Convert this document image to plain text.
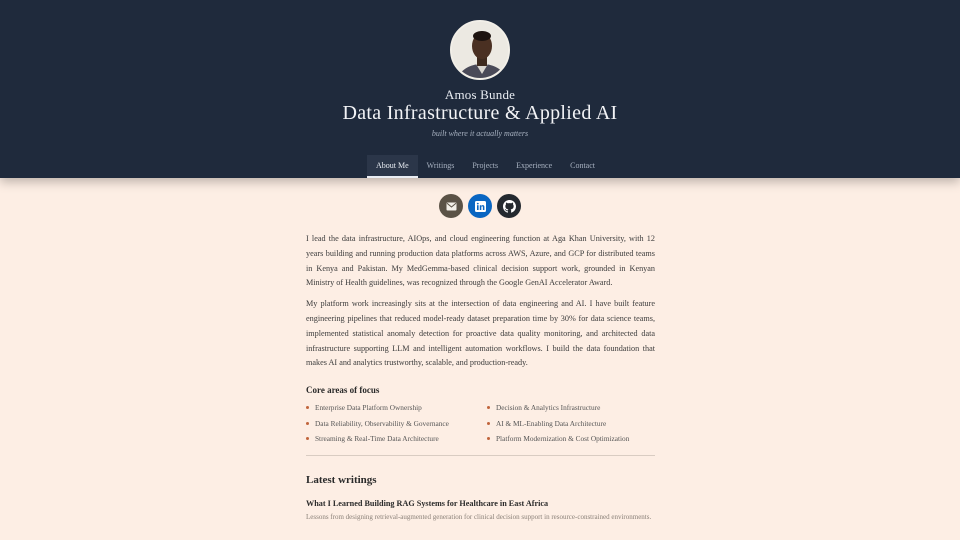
Amos Bunde
Data Infrastructure & Applied AI
built where it actually matters
About Me	Writings	Projects	Experience	Contact

I lead the data infrastructure, AIOps, and cloud engineering function at Aga Khan University, with 12 years building and running production data platforms across AWS, Azure, and GCP for distributed teams in Kenya and Pakistan. My MedGemma-based clinical decision support work, grounded in Kenyan Ministry of Health guidelines, was recognized through the Google GenAI Accelerator Award.

My platform work increasingly sits at the intersection of data engineering and AI. I have built feature engineering pipelines that reduced model-ready dataset preparation time by 30% for data science teams, implemented statistical anomaly detection for proactive data quality monitoring, and architected data infrastructure supporting LLM and intelligent automation workflows. I build the data foundation that makes AI and analytics trustworthy, scalable, and production-ready.

Core areas of focus
Enterprise Data Platform Ownership	Decision & Analytics Infrastructure
Data Reliability, Observability & Governance	AI & ML-Enabling Data Architecture
Streaming & Real-Time Data Architecture	Platform Modernization & Cost Optimization
Latest writings
What I Learned Building RAG Systems for Healthcare in East Africa
Lessons from designing retrieval-augmented generation for clinical decision support in resource-constrained environments.
